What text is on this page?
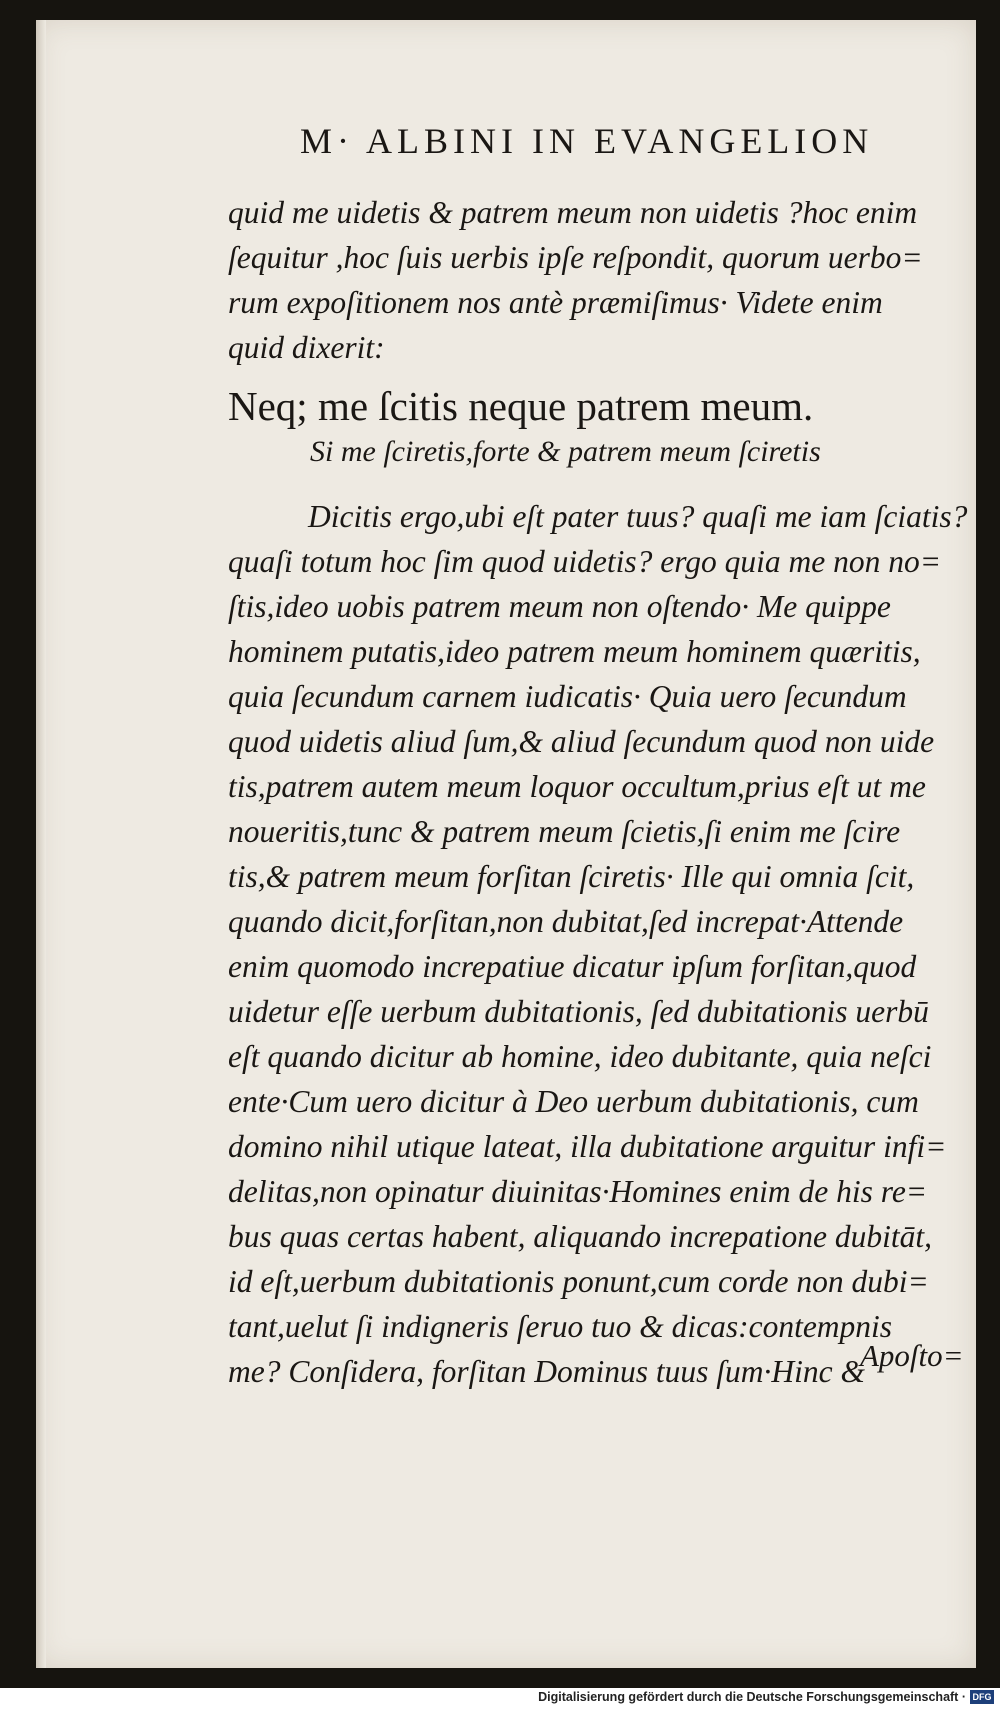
M· ALBINI IN EVANGELION
quid me uidetis & patrem meum non uidetis ?hoc enim
ſequitur ,hoc ſuis uerbis ipſe reſpondit, quorum uerbo=
rum expoſitionem nos antè præmiſimus· Videte enim
quid dixerit:
Neq; me ſcitis neque patrem meum.
Si me ſciretis,forte & patrem meum ſciretis
Dicitis ergo,ubi eſt pater tuus? quaſi me iam ſciatis?
quaſi totum hoc ſim quod uidetis? ergo quia me non no=
ſtis,ideo uobis patrem meum non oſtendo· Me quippe
hominem putatis,ideo patrem meum hominem quæritis,
quia ſecundum carnem iudicatis· Quia uero ſecundum
quod uidetis aliud ſum,& aliud ſecundum quod non uide
tis,patrem autem meum loquor occultum,prius eſt ut me
noueritis,tunc & patrem meum ſcietis,ſi enim me ſcire
tis,& patrem meum forſitan ſciretis· Ille qui omnia ſcit,
quando dicit,forſitan,non dubitat,ſed increpat·Attende
enim quomodo increpatiue dicatur ipſum forſitan,quod
uidetur eſſe uerbum dubitationis, ſed dubitationis uerbū
eſt quando dicitur ab homine, ideo dubitante, quia neſci
ente·Cum uero dicitur à Deo uerbum dubitationis, cum
domino nihil utique lateat, illa dubitatione arguitur infi=
delitas,non opinatur diuinitas·Homines enim de his re=
bus quas certas habent, aliquando increpatione dubitāt,
id eſt,uerbum dubitationis ponunt,cum corde non dubi=
tant,uelut ſi indigneris ſeruo tuo & dicas:contempnis
me? Conſidera, forſitan Dominus tuus ſum·Hinc &
Apoſto=
Digitalisierung gefördert durch die Deutsche Forschungsgemeinschaft · DFG
